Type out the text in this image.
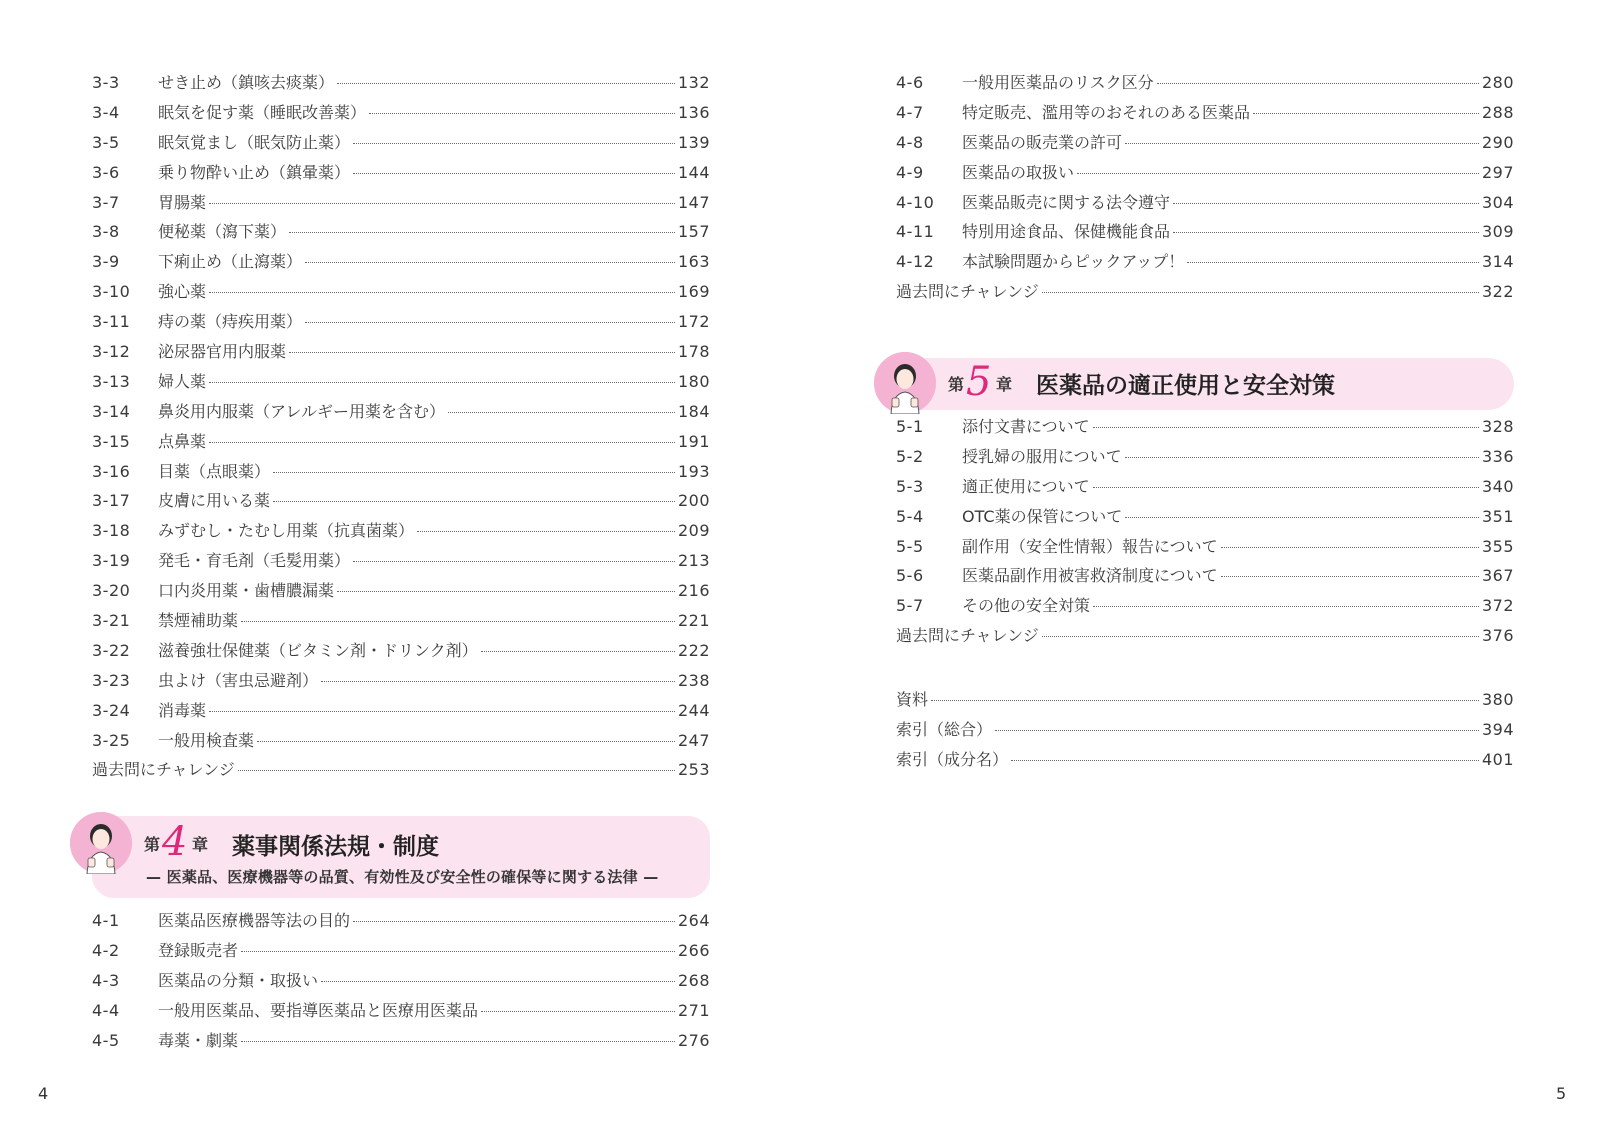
3-3	せき止め（鎮咳去痰薬）	132
3-4	眠気を促す薬（睡眠改善薬）	136
3-5	眠気覚まし（眠気防止薬）	139
3-6	乗り物酔い止め（鎮暈薬）	144
3-7	胃腸薬	147
3-8	便秘薬（瀉下薬）	157
3-9	下痢止め（止瀉薬）	163
3-10	強心薬	169
3-11	痔の薬（痔疾用薬）	172
3-12	泌尿器官用内服薬	178
3-13	婦人薬	180
3-14	鼻炎用内服薬（アレルギー用薬を含む）	184
3-15	点鼻薬	191
3-16	目薬（点眼薬）	193
3-17	皮膚に用いる薬	200
3-18	みずむし・たむし用薬（抗真菌薬）	209
3-19	発毛・育毛剤（毛髪用薬）	213
3-20	口内炎用薬・歯槽膿漏薬	216
3-21	禁煙補助薬	221
3-22	滋養強壮保健薬（ビタミン剤・ドリンク剤）	222
3-23	虫よけ（害虫忌避剤）	238
3-24	消毒薬	244
3-25	一般用検査薬	247
過去問にチャレンジ	253
第 4 章 薬事関係法規・制度
— 医薬品、医療機器等の品質、有効性及び安全性の確保等に関する法律 —
4-1	医薬品医療機器等法の目的	264
4-2	登録販売者	266
4-3	医薬品の分類・取扱い	268
4-4	一般用医薬品、要指導医薬品と医療用医薬品	271
4-5	毒薬・劇薬	276
4
4-6	一般用医薬品のリスク区分	280
4-7	特定販売、濫用等のおそれのある医薬品	288
4-8	医薬品の販売業の許可	290
4-9	医薬品の取扱い	297
4-10	医薬品販売に関する法令遵守	304
4-11	特別用途食品、保健機能食品	309
4-12	本試験問題からピックアップ！	314
過去問にチャレンジ	322
第 5 章 医薬品の適正使用と安全対策
5-1	添付文書について	328
5-2	授乳婦の服用について	336
5-3	適正使用について	340
5-4	OTC薬の保管について	351
5-5	副作用（安全性情報）報告について	355
5-6	医薬品副作用被害救済制度について	367
5-7	その他の安全対策	372
過去問にチャレンジ	376
資料	380
索引（総合）	394
索引（成分名）	401
5
